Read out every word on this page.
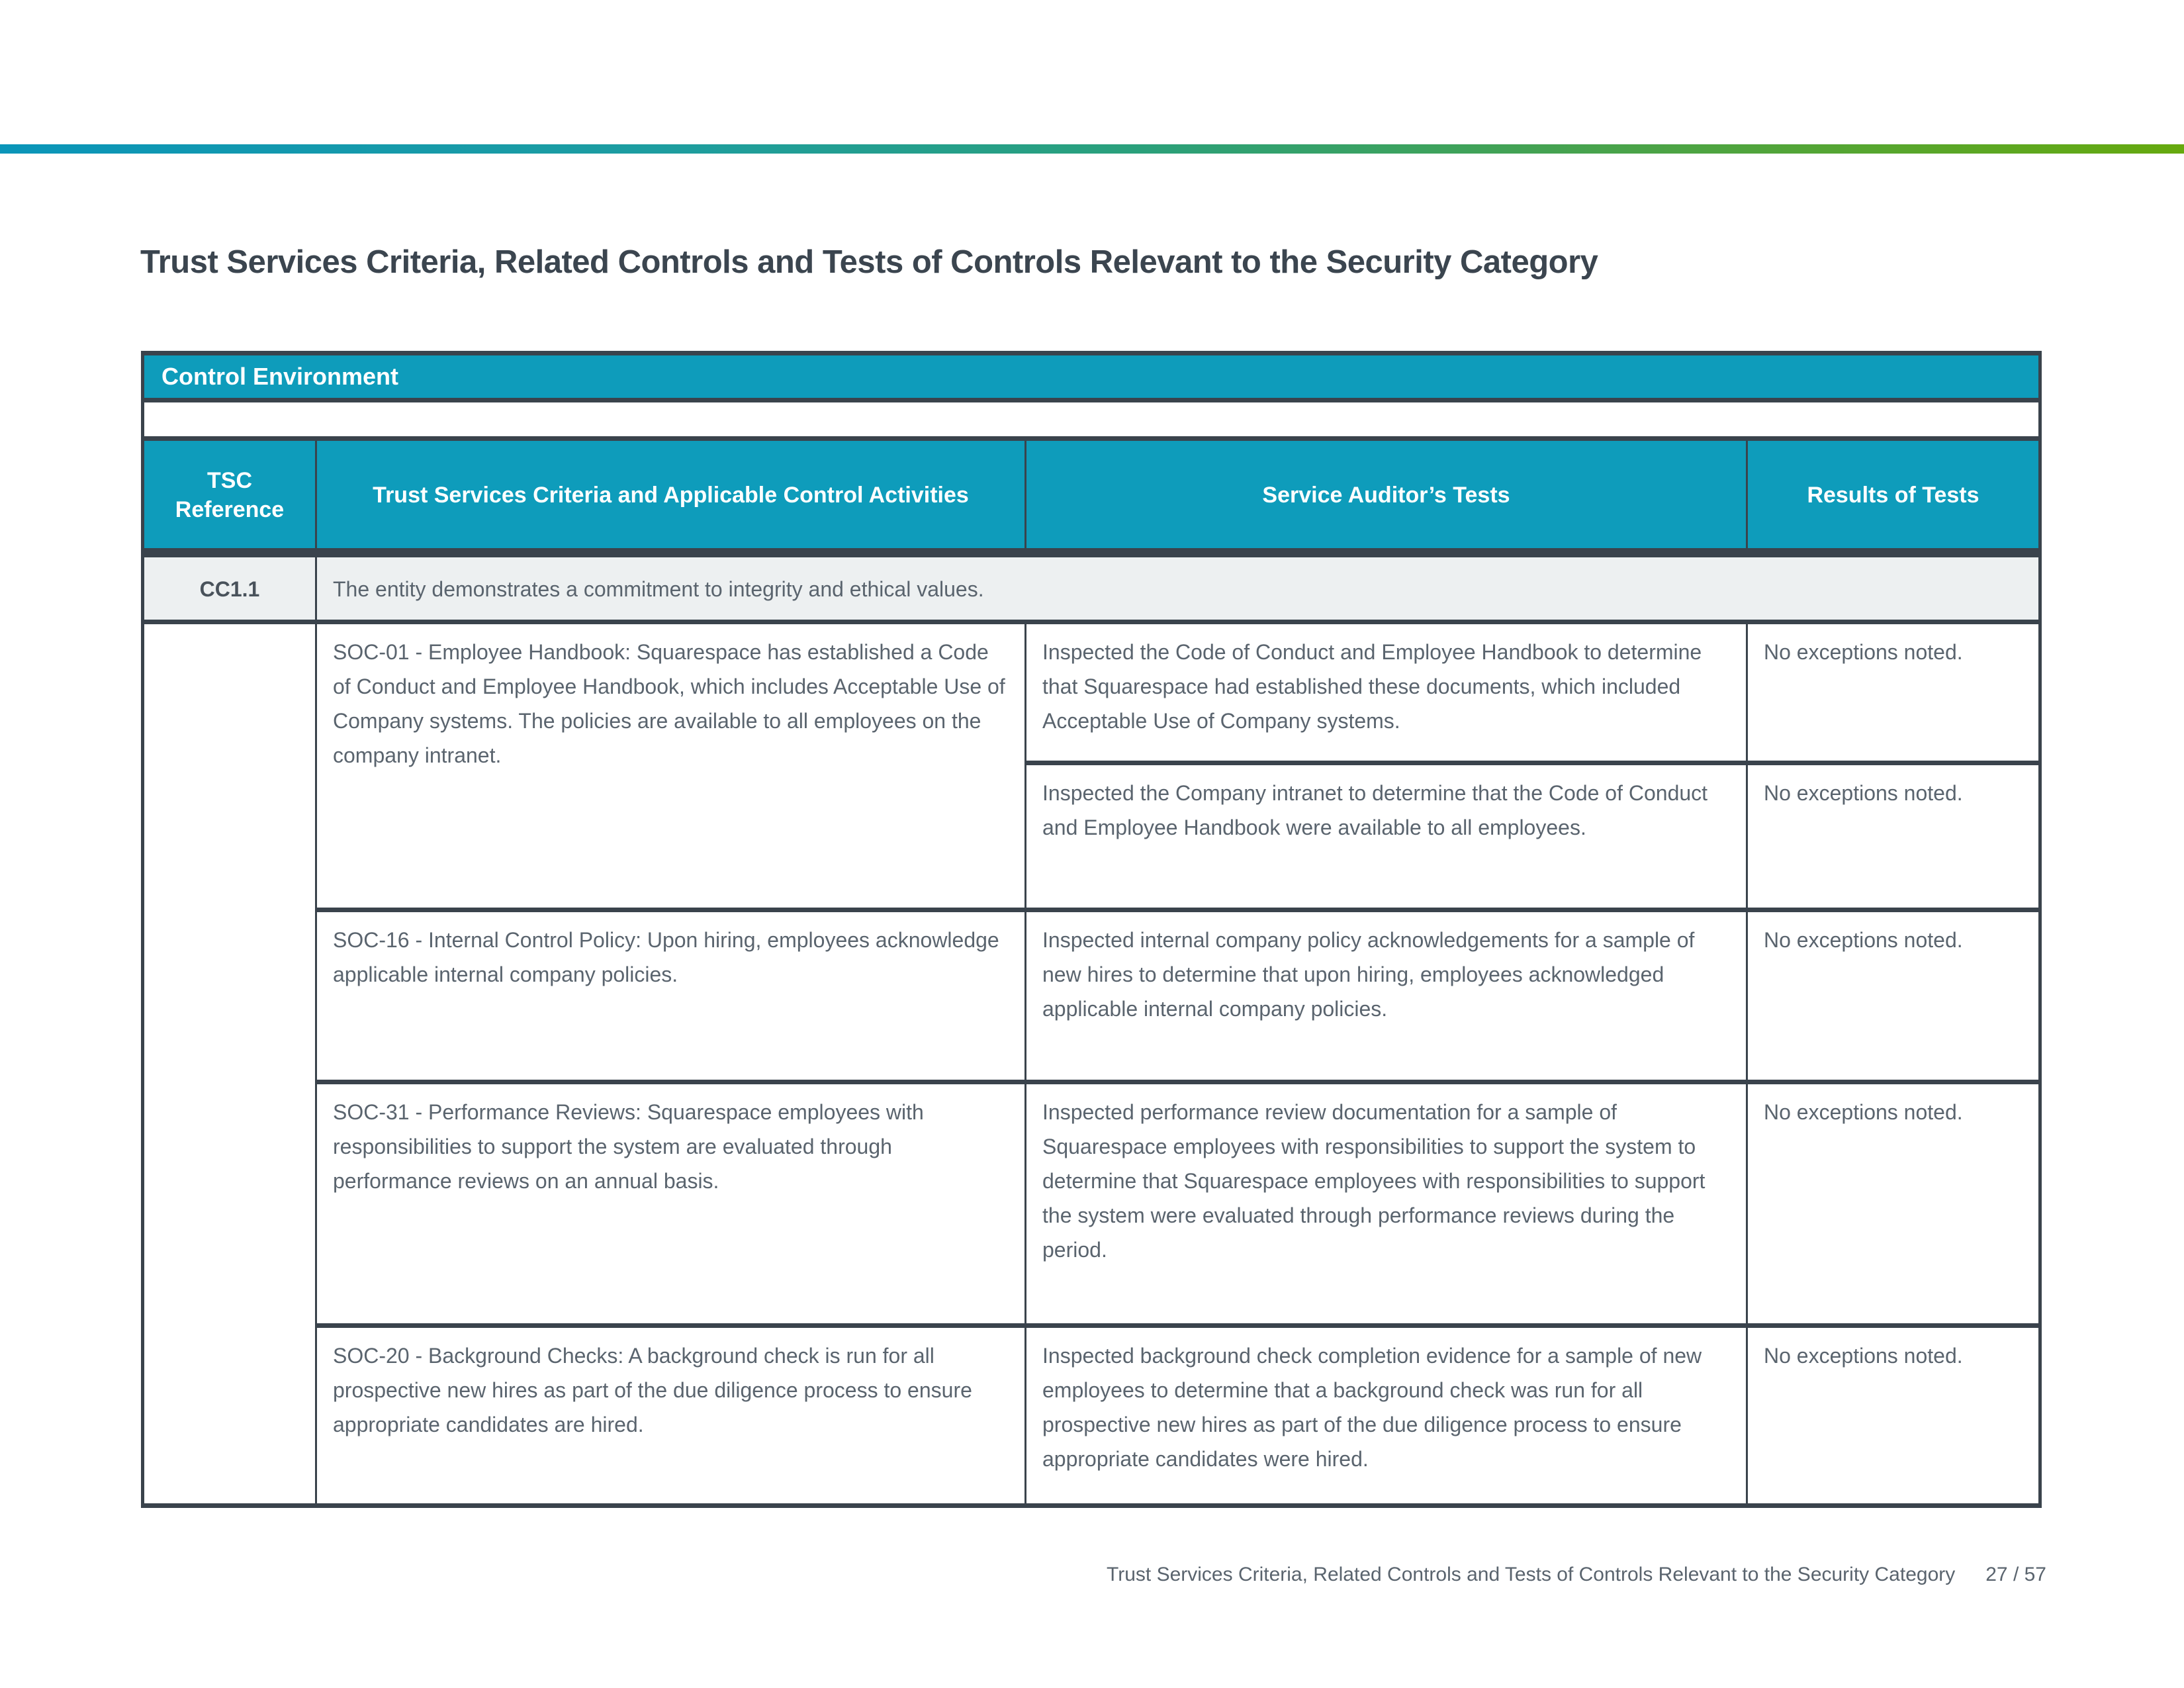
Trust Services Criteria, Related Controls and Tests of Controls Relevant to the Security Category
Control Environment			

TSC Reference	Trust Services Criteria and Applicable Control Activities	Service Auditor’s Tests	Results of Tests
CC1.1	The entity demonstrates a commitment to integrity and ethical values.		
	SOC-01 - Employee Handbook: Squarespace has established a Code of Conduct and Employee Handbook, which includes Acceptable Use of Company systems. The policies are available to all employees on the company intranet.	Inspected the Code of Conduct and Employee Handbook to determine that Squarespace had established these documents, which included Acceptable Use of Company systems.	No exceptions noted.
		Inspected the Company intranet to determine that the Code of Conduct and Employee Handbook were available to all employees.	No exceptions noted.
	SOC-16 - Internal Control Policy: Upon hiring, employees acknowledge applicable internal company policies.	Inspected internal company policy acknowledgements for a sample of new hires to determine that upon hiring, employees acknowledged applicable internal company policies.	No exceptions noted.
	SOC-31 - Performance Reviews: Squarespace employees with responsibilities to support the system are evaluated through performance reviews on an annual basis.	Inspected performance review documentation for a sample of Squarespace employees with responsibilities to support the system to determine that Squarespace employees with responsibilities to support the system were evaluated through performance reviews during the period.	No exceptions noted.
	SOC-20 - Background Checks: A background check is run for all prospective new hires as part of the due diligence process to ensure appropriate candidates are hired.	Inspected background check completion evidence for a sample of new employees to determine that a background check was run for all prospective new hires as part of the due diligence process to ensure appropriate candidates were hired.	No exceptions noted.
Trust Services Criteria, Related Controls and Tests of Controls Relevant to the Security Category 27 / 57
